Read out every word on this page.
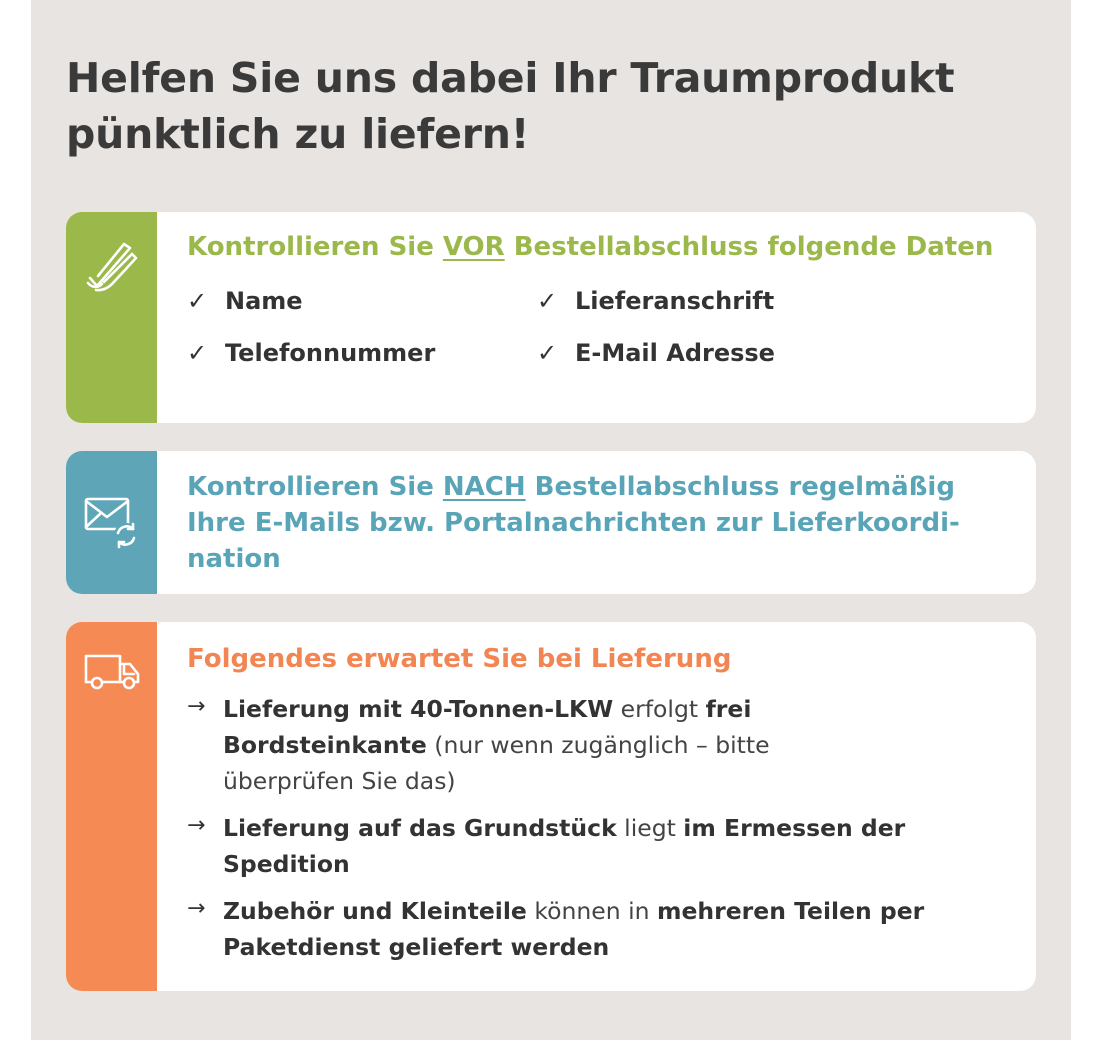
Helfen Sie uns dabei Ihr Traumprodukt
pünktlich zu liefern!

Kontrollieren Sie VOR Bestellabschluss folgende Daten

✓ Name	✓ Lieferanschrift
✓ Telefonnummer	✓ E-Mail Adresse

Kontrollieren Sie NACH Bestellabschluss regelmäßig
Ihre E-Mails bzw. Portalnachrichten zur Lieferkoordi-
nation

Folgendes erwartet Sie bei Lieferung

→ Lieferung mit 40-Tonnen-LKW erfolgt frei
Bordsteinkante (nur wenn zugänglich – bitte
überprüfen Sie das)
→ Lieferung auf das Grundstück liegt im Ermessen der
Spedition
→ Zubehör und Kleinteile können in mehreren Teilen per
Paketdienst geliefert werden
